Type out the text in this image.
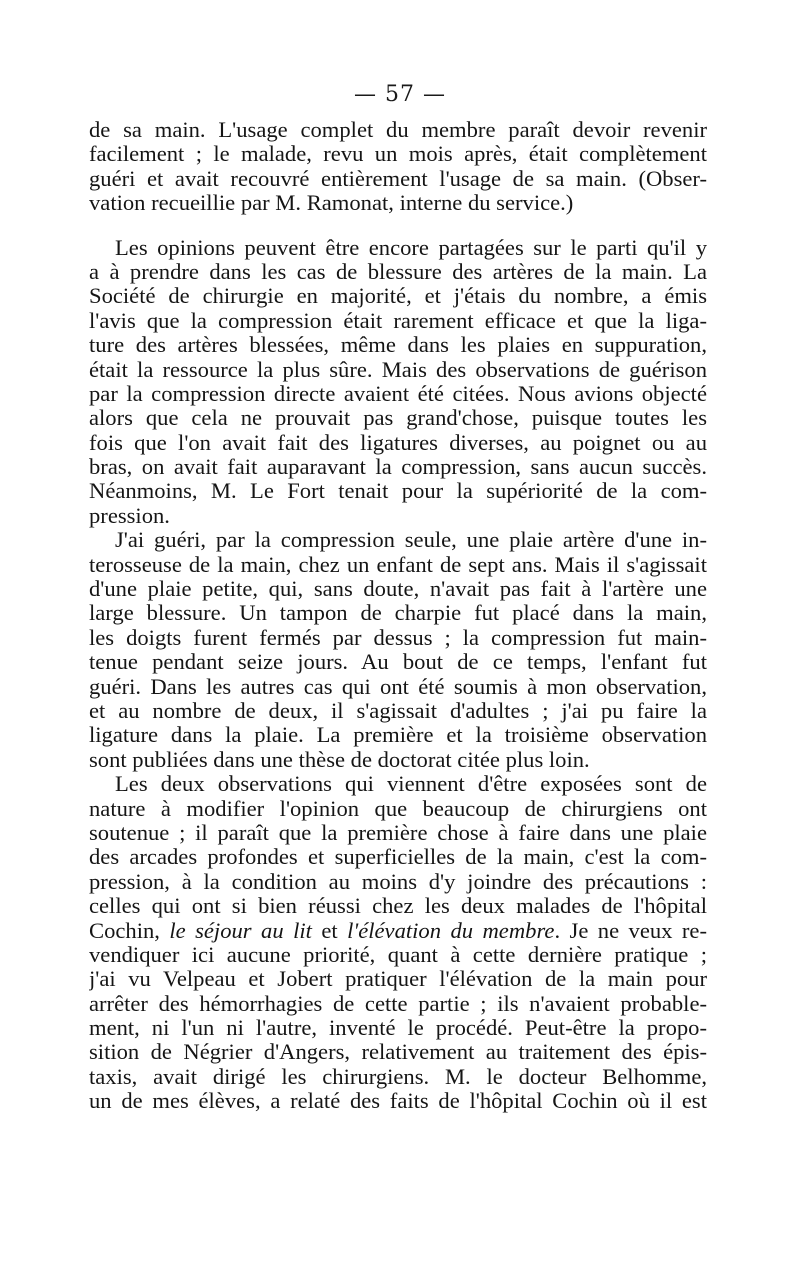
— 57 —
de sa main. L'usage complet du membre paraît devoir revenir
facilement ; le malade, revu un mois après, était complètement
guéri et avait recouvré entièrement l'usage de sa main. (Obser-
vation recueillie par M. Ramonat, interne du service.)
Les opinions peuvent être encore partagées sur le parti qu'il y
a à prendre dans les cas de blessure des artères de la main. La
Société de chirurgie en majorité, et j'étais du nombre, a émis
l'avis que la compression était rarement efficace et que la liga-
ture des artères blessées, même dans les plaies en suppuration,
était la ressource la plus sûre. Mais des observations de guérison
par la compression directe avaient été citées. Nous avions objecté
alors que cela ne prouvait pas grand'chose, puisque toutes les
fois que l'on avait fait des ligatures diverses, au poignet ou au
bras, on avait fait auparavant la compression, sans aucun succès.
Néanmoins, M. Le Fort tenait pour la supériorité de la com-
pression.
J'ai guéri, par la compression seule, une plaie artère d'une in-
terosseuse de la main, chez un enfant de sept ans. Mais il s'agissait
d'une plaie petite, qui, sans doute, n'avait pas fait à l'artère une
large blessure. Un tampon de charpie fut placé dans la main,
les doigts furent fermés par dessus ; la compression fut main-
tenue pendant seize jours. Au bout de ce temps, l'enfant fut
guéri. Dans les autres cas qui ont été soumis à mon observation,
et au nombre de deux, il s'agissait d'adultes ; j'ai pu faire la
ligature dans la plaie. La première et la troisième observation
sont publiées dans une thèse de doctorat citée plus loin.
Les deux observations qui viennent d'être exposées sont de
nature à modifier l'opinion que beaucoup de chirurgiens ont
soutenue ; il paraît que la première chose à faire dans une plaie
des arcades profondes et superficielles de la main, c'est la com-
pression, à la condition au moins d'y joindre des précautions :
celles qui ont si bien réussi chez les deux malades de l'hôpital
Cochin, le séjour au lit et l'élévation du membre. Je ne veux re-
vendiquer ici aucune priorité, quant à cette dernière pratique ;
j'ai vu Velpeau et Jobert pratiquer l'élévation de la main pour
arrêter des hémorrhagies de cette partie ; ils n'avaient probable-
ment, ni l'un ni l'autre, inventé le procédé. Peut-être la propo-
sition de Négrier d'Angers, relativement au traitement des épis-
taxis, avait dirigé les chirurgiens. M. le docteur Belhomme,
un de mes élèves, a relaté des faits de l'hôpital Cochin où il est
